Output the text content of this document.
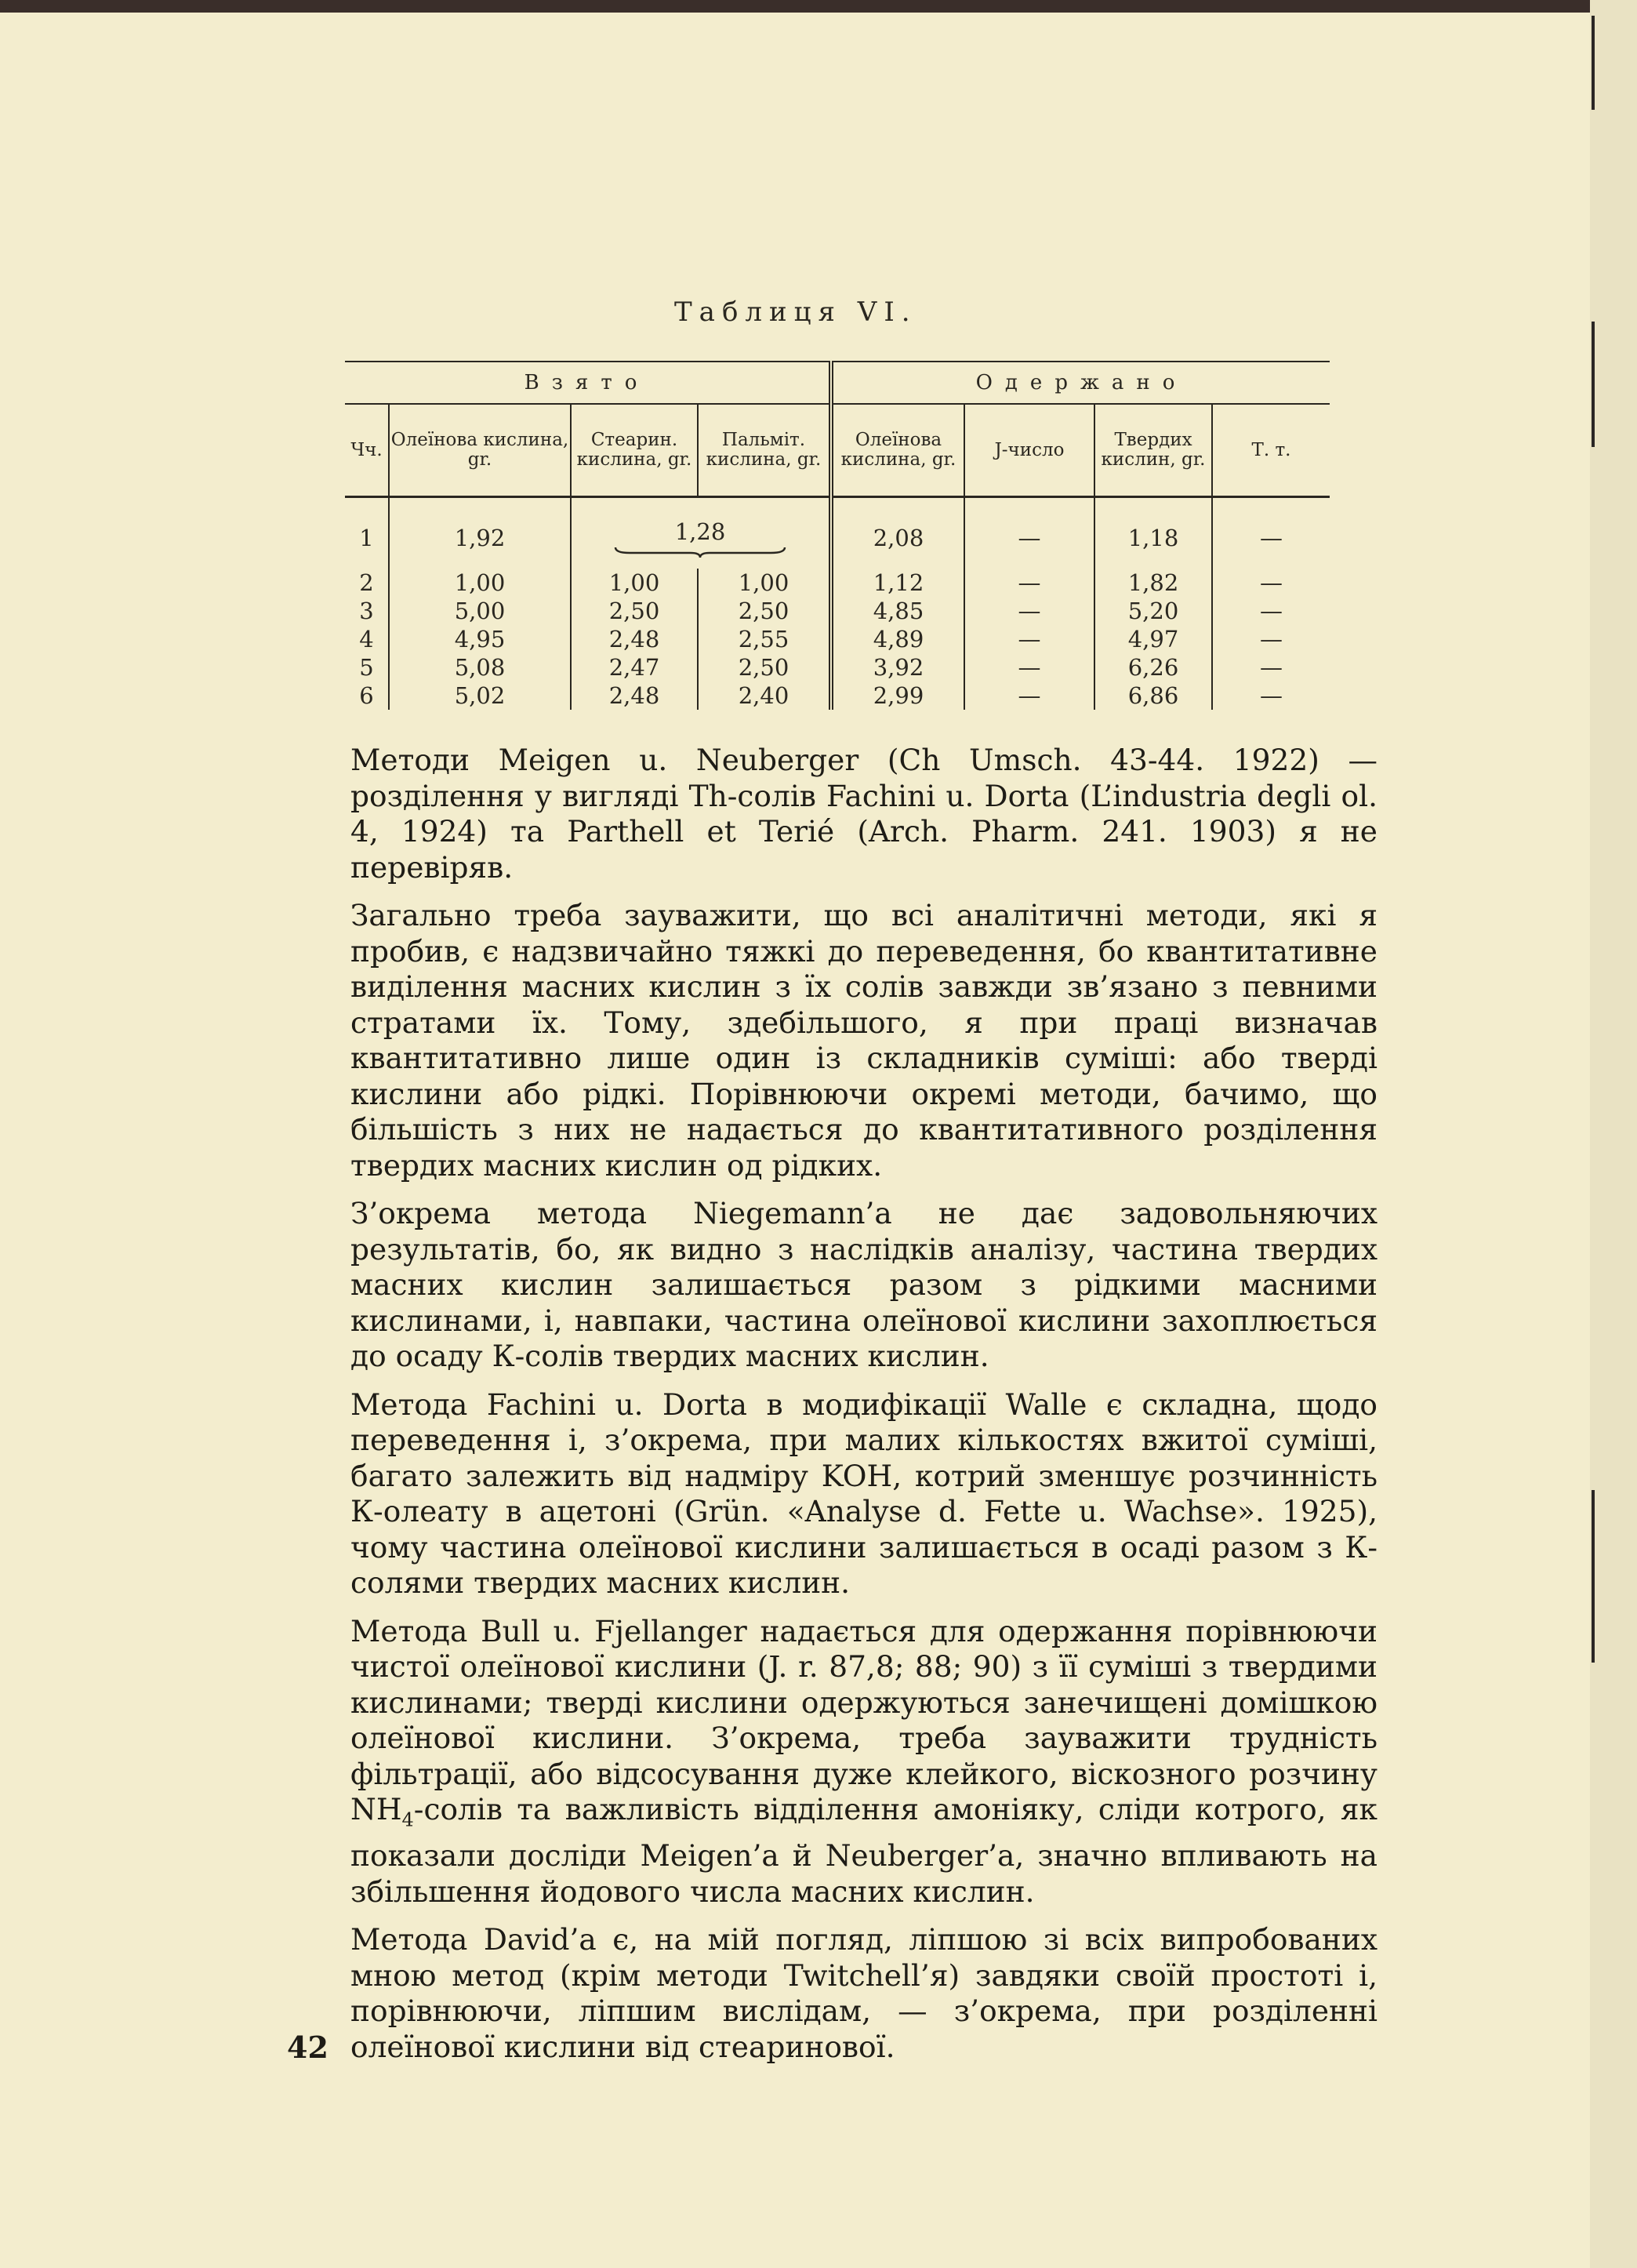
Таблиця VI.
Взято				Одержано			
Чч.	Олеїнова кислина, gr.	Стеарин. кислина, gr.	Пальміт. кислина, gr.	Олеїнова кислина, gr.	J-число	Твердих кислин, gr.	Т. т.
1	1,92	1,28		2,08	—	1,18	—
2	1,00	1,00	1,00	1,12	—	1,82	—
3	5,00	2,50	2,50	4,85	—	5,20	—
4	4,95	2,48	2,55	4,89	—	4,97	—
5	5,08	2,47	2,50	3,92	—	6,26	—
6	5,02	2,48	2,40	2,99	—	6,86	—

Методи Meigen u. Neuberger (Ch Umsch. 43-44. 1922) — розділення у вигляді Th-солів Fachini u. Dorta (L’industria degli ol. 4, 1924) та Parthell et Terié (Arch. Pharm. 241. 1903) я не перевіряв.

Загально треба зауважити, що всі аналітичні методи, які я пробив, є надзвичайно тяжкі до переведення, бо квантитативне виділення масних кислин з їх солів завжди зв’язано з певними стратами їх. Тому, здебільшого, я при праці визначав квантитативно лише один із складників суміші: або тверді кислини або рідкі. Порівнюючи окремі методи, бачимо, що більшість з них не надається до квантитативного розділення твердих масних кислин од рідких.

З’окрема метода Niegemann’а не дає задовольняючих результатів, бо, як видно з наслідків аналізу, частина твердих масних кислин залишається разом з рідкими масними кислинами, і, навпаки, частина олеїнової кислини захоплюється до осаду К-солів твердих масних кислин.

Метода Fachini u. Dorta в модифікації Walle є складна, щодо переведення і, з’окрема, при малих кількостях вжитої суміші, багато залежить від надміру KOH, котрий зменшує розчинність К-олеату в ацетоні (Grün. «Analyse d. Fette u. Wachse». 1925), чому частина олеїнової кислини залишається в осаді разом з К-солями твердих масних кислин.

Метода Bull u. Fjellanger надається для одержання порівнюючи чистої олеїнової кислини (J. r. 87,8; 88; 90) з її суміші з твердими кислинами; тверді кислини одержуються занечищені домішкою олеїнової кислини. З’окрема, треба зауважити трудність фільтрації, або відсосування дуже клейкого, віскозного розчину $NH_4$-солів та важливість відділення амоніяку, сліди котрого, як показали досліди Meigen’а й Neuberger’а, значно впливають на збільшення йодового числа масних кислин.

Метода David’а є, на мій погляд, ліпшою зі всіх випробованих мною метод (крім методи Twitchell’я) завдяки своїй простоті і, порівнюючи, ліпшим вислідам, — з’окрема, при розділенні олеїнової кислини від стеаринової.

42
